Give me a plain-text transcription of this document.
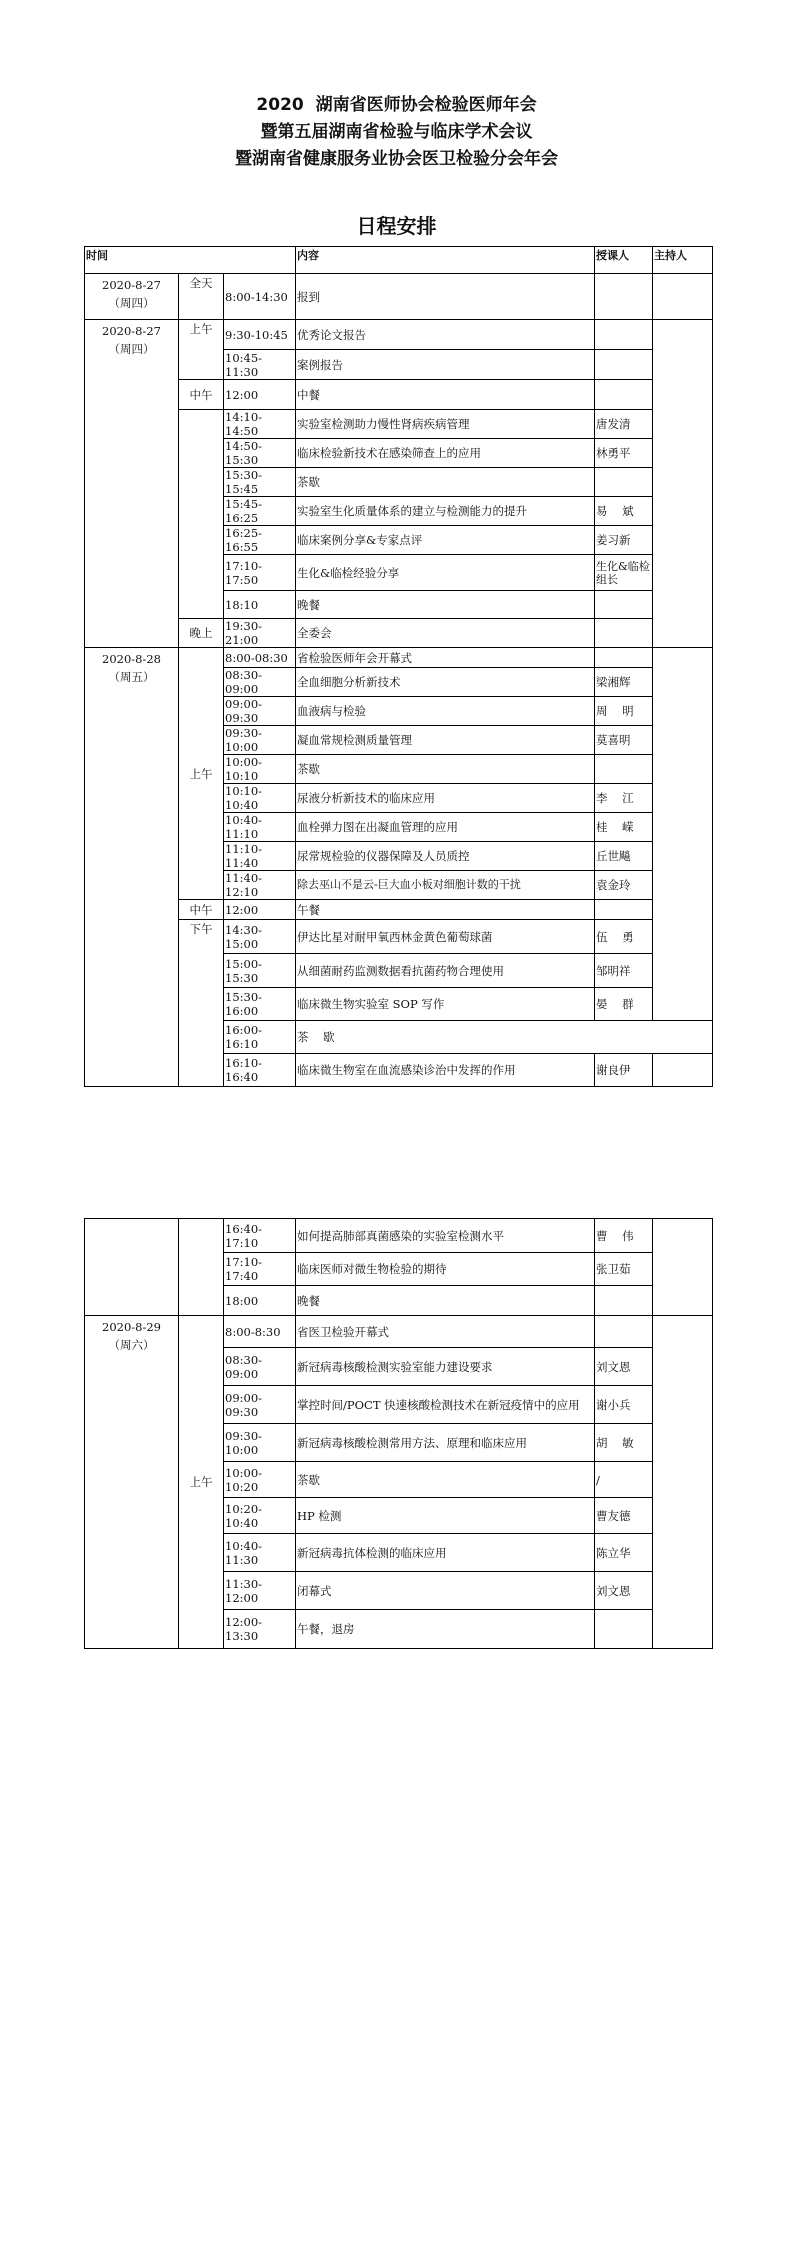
2020  湖南省医师协会检验医师年会
暨第五届湖南省检验与临床学术会议
暨湖南省健康服务业协会医卫检验分会年会
日程安排
时间			内容	授课人	主持人

2020-8-27
（周四）	全天	8:00-14:30	报到		

2020-8-27
（周四）	上午	9:30-10:45	优秀论文报告		
		10:45-11:30	案例报告		
	中午	12:00	中餐		
		14:10-14:50	实验室检测助力慢性肾病疾病管理	唐发清	
		14:50-15:30	临床检验新技术在感染筛查上的应用	林勇平	
		15:30-15:45	茶歇		
		15:45-16:25	实验室生化质量体系的建立与检测能力的提升	易    斌	
		16:25-16:55	临床案例分享&专家点评	姜习新	
		17:10-17:50	生化&临检经验分享	生化&临检组长	
		18:10	晚餐		
	晚上	19:30-21:00	全委会		

2020-8-28
（周五）	上午	8:00-08:30	省检验医师年会开幕式		
		08:30-09:00	全血细胞分析新技术	梁湘辉	
		09:00-09:30	血液病与检验	周    明	
		09:30-10:00	凝血常规检测质量管理	莫喜明	
		10:00-10:10	茶歇		
		10:10-10:40	尿液分析新技术的临床应用	李    江	
		10:40-11:10	血栓弹力图在出凝血管理的应用	桂    嵘	
		11:10-11:40	尿常规检验的仪器保障及人员质控	丘世飚	
		11:40-12:10	除去巫山不是云-巨大血小板对细胞计数的干扰	袁金玲	
	中午	12:00	午餐		
	下午	14:30-15:00	伊达比星对耐甲氧西林金黄色葡萄球菌	伍    勇	
		15:00-15:30	从细菌耐药监测数据看抗菌药物合理使用	邹明祥	
		15:30-16:00	临床微生物实验室 SOP 写作	晏    群	
		16:00-16:10	茶    歇		
		16:10-16:40	临床微生物室在血流感染诊治中发挥的作用	谢良伊	
		16:40-17:10	如何提高肺部真菌感染的实验室检测水平	曹    伟	
		17:10-17:40	临床医师对微生物检验的期待	张卫茹	
		18:00	晚餐		

2020-8-29
（周六）	上午	8:00-8:30	省医卫检验开幕式		
		08:30-09:00	新冠病毒核酸检测实验室能力建设要求	刘文恩	
		09:00-09:30	掌控时间/POCT 快速核酸检测技术在新冠疫情中的应用	谢小兵	
		09:30-10:00	新冠病毒核酸检测常用方法、原理和临床应用	胡    敏	
		10:00-10:20	茶歇	/	
		10:20-10:40	HP 检测	曹友德	
		10:40-11:30	新冠病毒抗体检测的临床应用	陈立华	
		11:30-12:00	闭幕式	刘文恩	
		12:00-13:30	午餐，退房		
